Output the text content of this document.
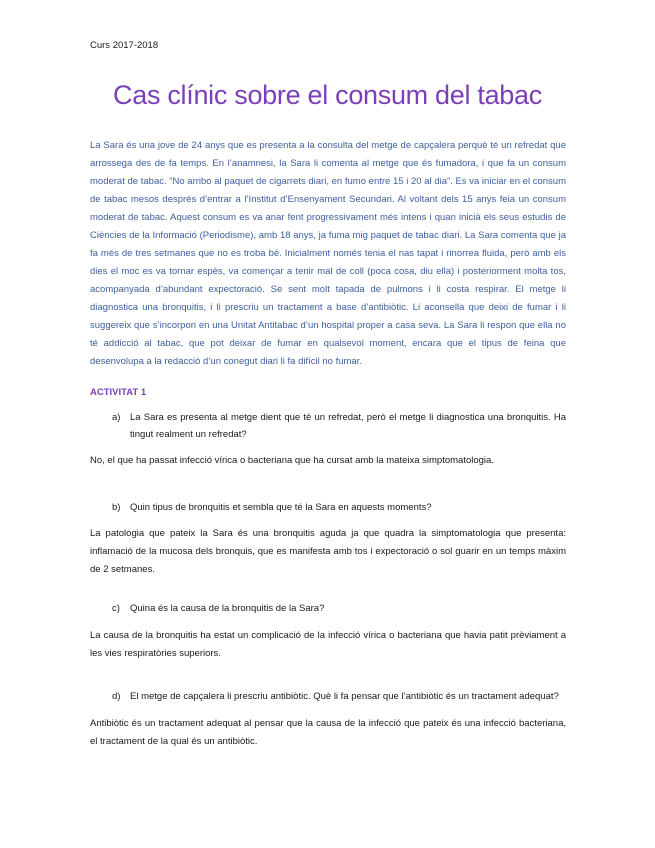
Curs 2017-2018
Cas clínic sobre el consum del tabac

La Sara és una jove de 24 anys que es presenta a la consulta del metge de capçalera perquè té un refredat que arrossega des de fa temps. En l’anamnesi, la Sara li comenta al metge que és fumadora, i que fa un consum moderat de tabac. “No arribo al paquet de cigarrets diari, en fumo entre 15 i 20 al dia”. Es va iniciar en el consum de tabac mesos després d’entrar a l’Institut d’Ensenyament Secundari. Al voltant dels 15 anys feia un consum moderat de tabac. Aquest consum es va anar fent progressivament més intens i quan inicià els seus estudis de Ciències de la Informació (Periodisme), amb 18 anys, ja fuma mig paquet de tabac diari. La Sara comenta que ja fa més de tres setmanes que no es troba bé. Inicialment només tenia el nas tapat i rinorrea fluida, però amb els dies el moc es va tornar espès, va començar a tenir mal de coll (poca cosa, diu ella) i posteriorment molta tos, acompanyada d’abundant expectoració. Se sent molt tapada de pulmons i li costa respirar. El metge li diagnostica una bronquitis, i li prescriu un tractament a base d’antibiòtic. Li aconsella que deixi de fumar i li suggereix que s’incorpori en una Unitat Antitabac d’un hospital proper a casa seva. La Sara li respon que ella no té addicció al tabac, que pot deixar de fumar en qualsevol moment, encara que el tipus de feina que desenvolupa a la redacció d’un conegut diari li fa difícil no fumar.

ACTIVITAT 1
a)	La Sara es presenta al metge dient que té un refredat, però el metge li diagnostica una bronquitis. Ha tingut realment un refredat?

No, el que ha passat infecció vírica o bacteriana que ha cursat amb la mateixa simptomatologia.

b)	Quin tipus de bronquitis et sembla que té la Sara en aquests moments?

La patologia que pateix la Sara és una bronquitis aguda ja que quadra la simptomatologia que presenta: inflamació de la mucosa dels bronquis, que es manifesta amb tos i expectoració o sol guarir en un temps màxim de 2 setmanes.

c)	Quina és la causa de la bronquitis de la Sara?

La causa de la bronquitis ha estat un complicació de la infecció vírica o bacteriana que havia patit prèviament a les vies respiratòries superiors.

d)	El metge de capçalera li prescriu antibiòtic. Què li fa pensar que l’antibiòtic és un tractament adequat?

Antibiòtic és un tractament adequat al pensar que la causa de la infecció que pateix és una infecció bacteriana, el tractament de la qual és un antibiòtic.
